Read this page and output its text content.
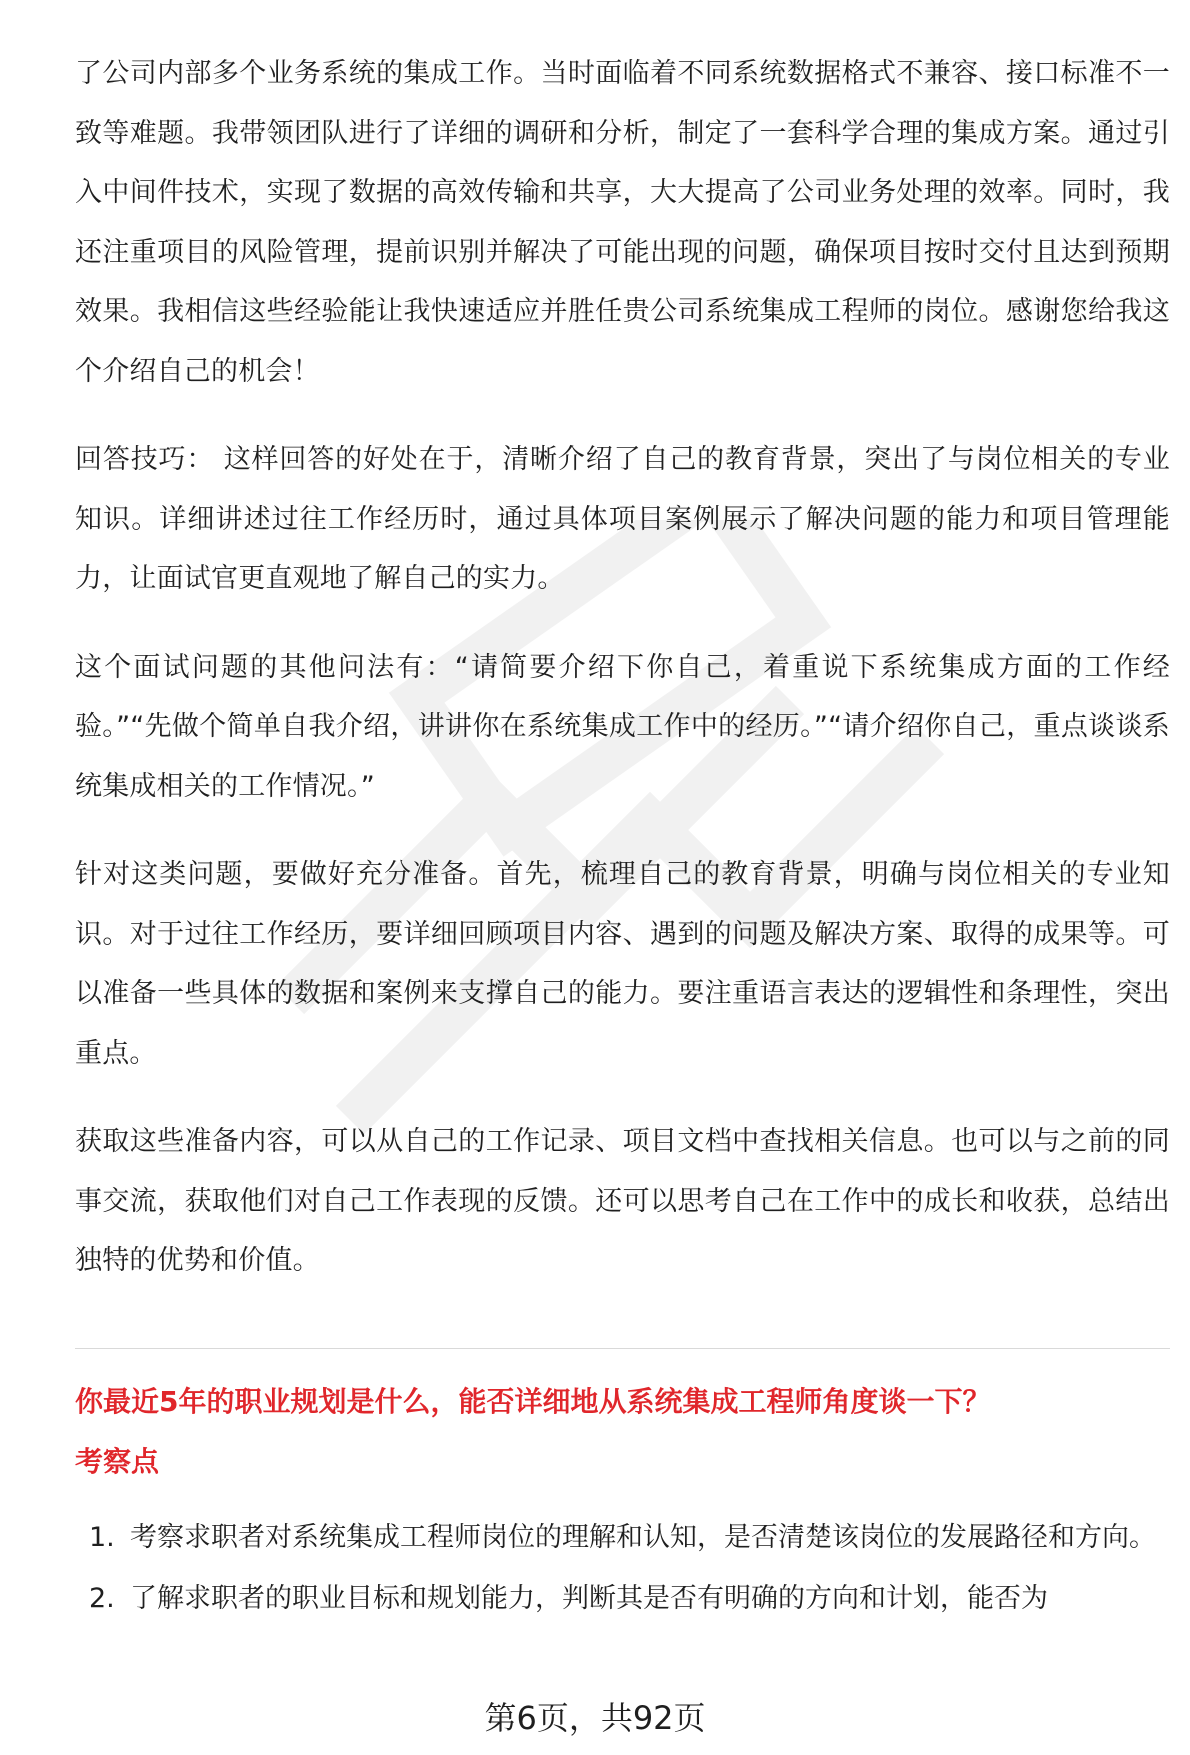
了公司内部多个业务系统的集成工作。当时面临着不同系统数据格式不兼容、接口标准不一致等难题。我带领团队进行了详细的调研和分析，制定了一套科学合理的集成方案。通过引入中间件技术，实现了数据的高效传输和共享，大大提高了公司业务处理的效率。同时，我还注重项目的风险管理，提前识别并解决了可能出现的问题，确保项目按时交付且达到预期效果。我相信这些经验能让我快速适应并胜任贵公司系统集成工程师的岗位。感谢您给我这个介绍自己的机会！

回答技巧： 这样回答的好处在于，清晰介绍了自己的教育背景，突出了与岗位相关的专业知识。详细讲述过往工作经历时，通过具体项目案例展示了解决问题的能力和项目管理能力，让面试官更直观地了解自己的实力。

这个面试问题的其他问法有：“请简要介绍下你自己，着重说下系统集成方面的工作经验。”“先做个简单自我介绍，讲讲你在系统集成工作中的经历。”“请介绍你自己，重点谈谈系统集成相关的工作情况。”

针对这类问题，要做好充分准备。首先，梳理自己的教育背景，明确与岗位相关的专业知识。对于过往工作经历，要详细回顾项目内容、遇到的问题及解决方案、取得的成果等。可以准备一些具体的数据和案例来支撑自己的能力。要注重语言表达的逻辑性和条理性，突出重点。

获取这些准备内容，可以从自己的工作记录、项目文档中查找相关信息。也可以与之前的同事交流，获取他们对自己工作表现的反馈。还可以思考自己在工作中的成长和收获，总结出独特的优势和价值。

你最近5年的职业规划是什么，能否详细地从系统集成工程师角度谈一下？
考察点
1. 考察求职者对系统集成工程师岗位的理解和认知，是否清楚该岗位的发展路径和方向。
2. 了解求职者的职业目标和规划能力，判断其是否有明确的方向和计划，能否为
第6页，共92页
